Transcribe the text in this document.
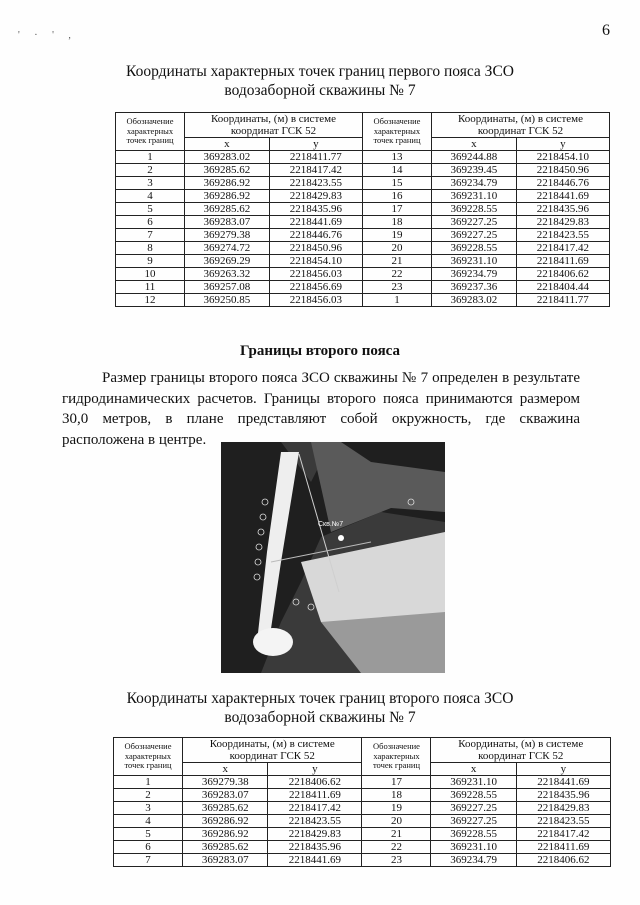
' · ' ,	6
Координаты характерных точек границ первого пояса ЗСО
водозаборной скважины № 7
Обозначение характерных точек границ	Координаты, (м) в системе координат ГСК 52		Обозначение характерных точек границ	Координаты, (м) в системе координат ГСК 52	
	x	y		x	y
1	369283.02	2218411.77	13	369244.88	2218454.10
2	369285.62	2218417.42	14	369239.45	2218450.96
3	369286.92	2218423.55	15	369234.79	2218446.76
4	369286.92	2218429.83	16	369231.10	2218441.69
5	369285.62	2218435.96	17	369228.55	2218435.96
6	369283.07	2218441.69	18	369227.25	2218429.83
7	369279.38	2218446.76	19	369227.25	2218423.55
8	369274.72	2218450.96	20	369228.55	2218417.42
9	369269.29	2218454.10	21	369231.10	2218411.69
10	369263.32	2218456.03	22	369234.79	2218406.62
11	369257.08	2218456.69	23	369237.36	2218404.44
12	369250.85	2218456.03	1	369283.02	2218411.77
Границы второго пояса
Размер границы второго пояса ЗСО скважины № 7 определен в результате гидродинамических расчетов. Границы второго пояса принимаются размером 30,0 метров, в плане представляют собой окружность, где скважина расположена в центре.
Скв.№7
Координаты характерных точек границ второго пояса ЗСО
водозаборной скважины № 7
Обозначение характерных точек границ	Координаты, (м) в системе координат ГСК 52		Обозначение характерных точек границ	Координаты, (м) в системе координат ГСК 52	
	x	y		x	y
1	369279.38	2218406.62	17	369231.10	2218441.69
2	369283.07	2218411.69	18	369228.55	2218435.96
3	369285.62	2218417.42	19	369227.25	2218429.83
4	369286.92	2218423.55	20	369227.25	2218423.55
5	369286.92	2218429.83	21	369228.55	2218417.42
6	369285.62	2218435.96	22	369231.10	2218411.69
7	369283.07	2218441.69	23	369234.79	2218406.62
